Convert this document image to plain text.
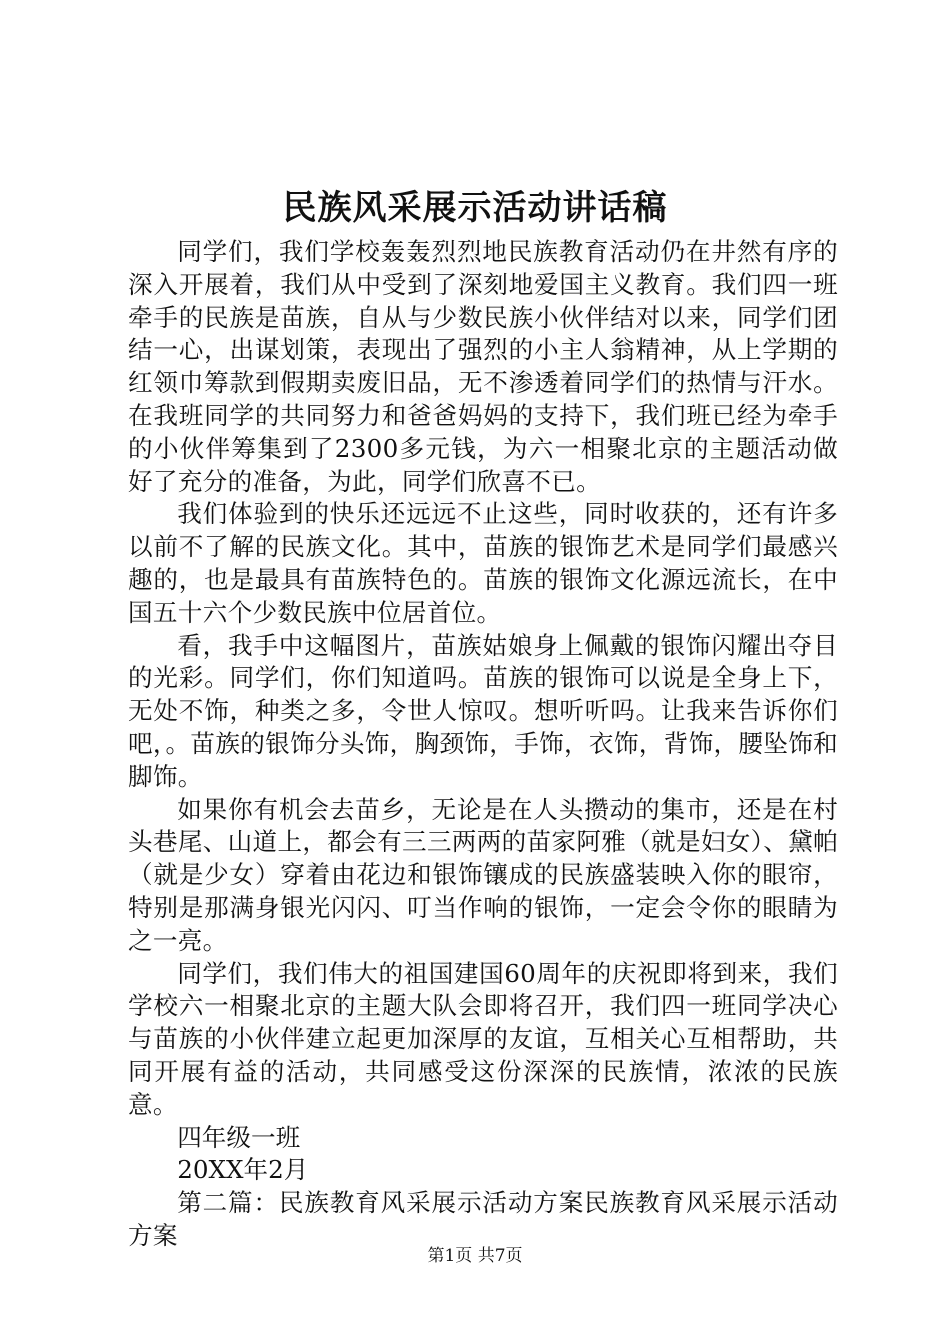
民族风采展示活动讲话稿

同学们，我们学校轰轰烈烈地民族教育活动仍在井然有序的深入开展着，我们从中受到了深刻地爱国主义教育。我们四一班牵手的民族是苗族，自从与少数民族小伙伴结对以来，同学们团结一心，出谋划策，表现出了强烈的小主人翁精神，从上学期的红领巾筹款到假期卖废旧品，无不渗透着同学们的热情与汗水。在我班同学的共同努力和爸爸妈妈的支持下，我们班已经为牵手的小伙伴筹集到了2300多元钱，为六一相聚北京的主题活动做好了充分的准备，为此，同学们欣喜不已。

我们体验到的快乐还远远不止这些，同时收获的，还有许多以前不了解的民族文化。其中，苗族的银饰艺术是同学们最感兴趣的，也是最具有苗族特色的。苗族的银饰文化源远流长，在中国五十六个少数民族中位居首位。

看，我手中这幅图片，苗族姑娘身上佩戴的银饰闪耀出夺目的光彩。同学们，你们知道吗。苗族的银饰可以说是全身上下，无处不饰，种类之多，令世人惊叹。想听听吗。让我来告诉你们吧，。苗族的银饰分头饰，胸颈饰，手饰，衣饰，背饰，腰坠饰和脚饰。

如果你有机会去苗乡，无论是在人头攒动的集市，还是在村头巷尾、山道上，都会有三三两两的苗家阿雅（就是妇女）、黛帕（就是少女）穿着由花边和银饰镶成的民族盛装映入你的眼帘，特别是那满身银光闪闪、叮当作响的银饰，一定会令你的眼睛为之一亮。

同学们，我们伟大的祖国建国60周年的庆祝即将到来，我们学校六一相聚北京的主题大队会即将召开，我们四一班同学决心与苗族的小伙伴建立起更加深厚的友谊，互相关心互相帮助，共同开展有益的活动，共同感受这份深深的民族情，浓浓的民族意。

四年级一班

20XX年2月

第二篇：民族教育风采展示活动方案民族教育风采展示活动方案

第1页 共7页
